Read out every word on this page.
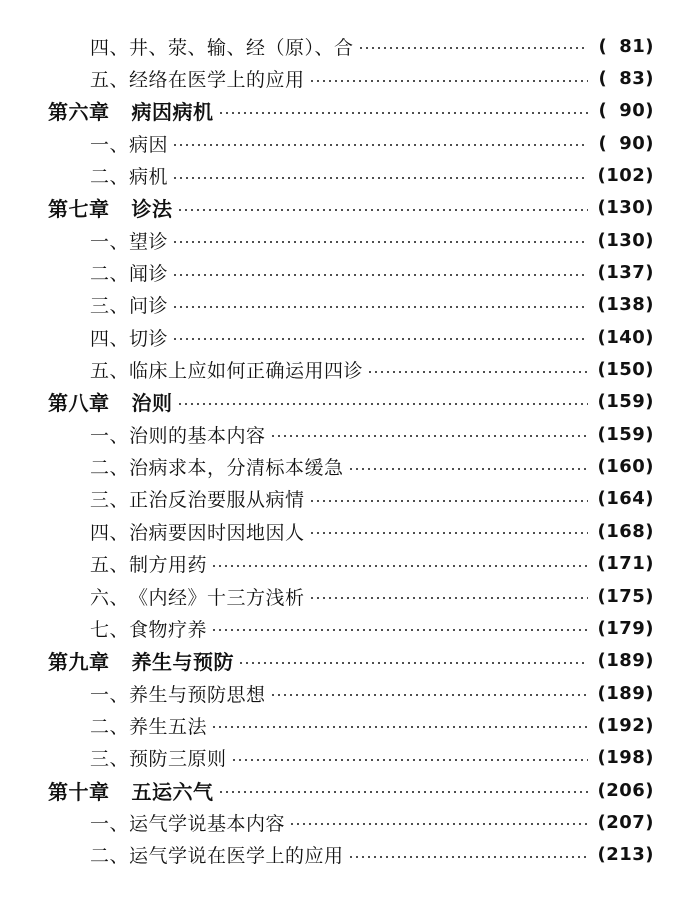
四、 井、荥、输、经（原）、合	( 81)
五、 经络在医学上的应用	( 83)
第六章 病因病机	( 90)
一、 病因	( 90)
二、 病机	(102)
第七章 诊法	(130)
一、 望诊	(130)
二、 闻诊	(137)
三、 问诊	(138)
四、 切诊	(140)
五、 临床上应如何正确运用四诊	(150)
第八章 治则	(159)
一、 治则的基本内容	(159)
二、 治病求本，分清标本缓急	(160)
三、 正治反治要服从病情	(164)
四、 治病要因时因地因人	(168)
五、 制方用药	(171)
六、 《内经》十三方浅析	(175)
七、 食物疗养	(179)
第九章 养生与预防	(189)
一、 养生与预防思想	(189)
二、 养生五法	(192)
三、 预防三原则	(198)
第十章 五运六气	(206)
一、 运气学说基本内容	(207)
二、 运气学说在医学上的应用	(213)
